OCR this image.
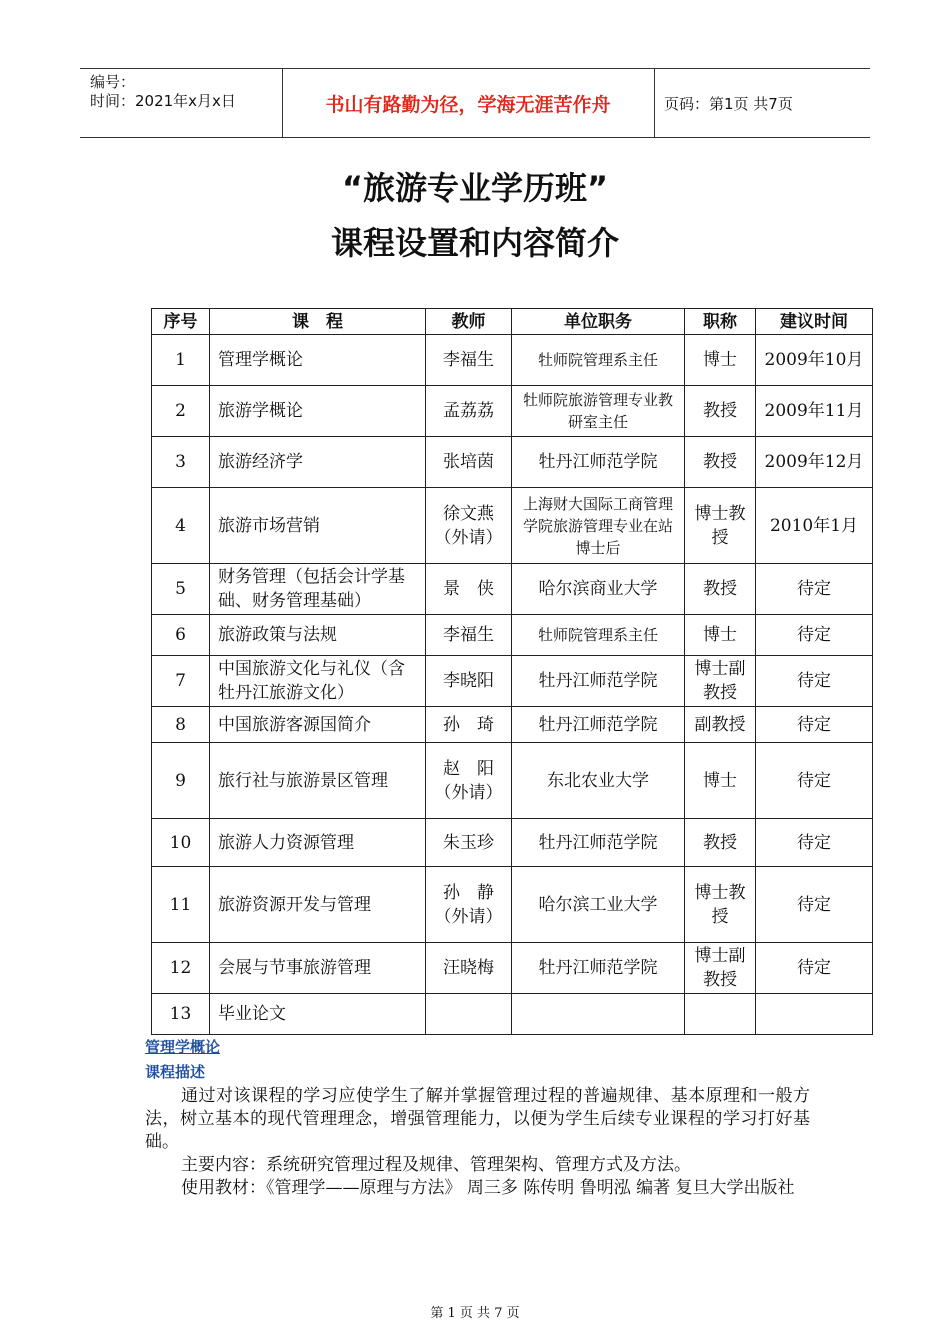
编号：
时间：2021年x月x日	书山有路勤为径，学海无涯苦作舟	页码：第1页 共7页
“旅游专业学历班”
课程设置和内容简介
序号	课　程	教师	单位职务	职称	建议时间
1	管理学概论	李福生	牡师院管理系主任	博士	2009年10月
2	旅游学概论	孟荔荔	牡师院旅游管理专业教研室主任	教授	2009年11月
3	旅游经济学	张培茵	牡丹江师范学院	教授	2009年12月
4	旅游市场营销	徐文燕（外请）	上海财大国际工商管理学院旅游管理专业在站博士后	博士教授	2010年1月
5	财务管理（包括会计学基础、财务管理基础）	景　侠	哈尔滨商业大学	教授	待定
6	旅游政策与法规	李福生	牡师院管理系主任	博士	待定
7	中国旅游文化与礼仪（含牡丹江旅游文化）	李晓阳	牡丹江师范学院	博士副教授	待定
8	中国旅游客源国简介	孙　琦	牡丹江师范学院	副教授	待定
9	旅行社与旅游景区管理	赵　阳（外请）	东北农业大学	博士	待定
10	旅游人力资源管理	朱玉珍	牡丹江师范学院	教授	待定
11	旅游资源开发与管理	孙　静（外请）	哈尔滨工业大学	博士教授	待定
12	会展与节事旅游管理	汪晓梅	牡丹江师范学院	博士副教授	待定
13	毕业论文				
管理学概论
课程描述
通过对该课程的学习应使学生了解并掌握管理过程的普遍规律、基本原理和一般方法，树立基本的现代管理理念，增强管理能力，以便为学生后续专业课程的学习打好基础。
主要内容：系统研究管理过程及规律、管理架构、管理方式及方法。
使用教材：《管理学——原理与方法》 周三多 陈传明 鲁明泓 编著 复旦大学出版社
第 1 页 共 7 页
